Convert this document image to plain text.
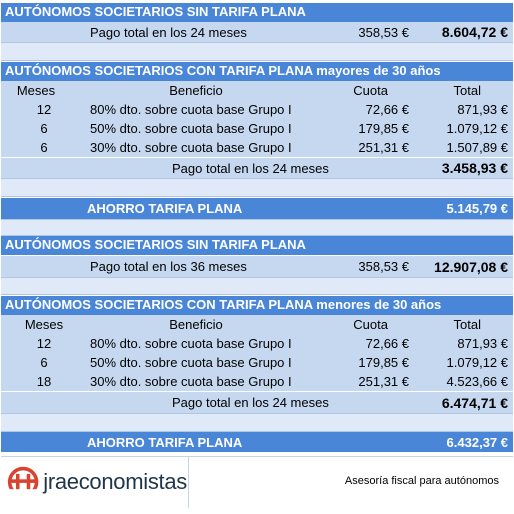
AUTÓNOMOS SOCIETARIOS SIN TARIFA PLANA
Pago total en los 24 meses	358,53 €	8.604,72 €
AUTÓNOMOS SOCIETARIOS CON TARIFA PLANA mayores de 30 años
Meses	Beneficio	Cuota	Total
12	80% dto. sobre cuota base Grupo I	72,66 €	871,93 €
6	50% dto. sobre cuota base Grupo I	179,85 €	1.079,12 €
6	30% dto. sobre cuota base Grupo I	251,31 €	1.507,89 €
Pago total en los 24 meses	3.458,93 €
AHORRO TARIFA PLANA	5.145,79 €
AUTÓNOMOS SOCIETARIOS SIN TARIFA PLANA
Pago total en los 36 meses	358,53 €	12.907,08 €
AUTÓNOMOS SOCIETARIOS CON TARIFA PLANA menores de 30 años
Meses	Beneficio	Cuota	Total
12	80% dto. sobre cuota base Grupo I	72,66 €	871,93 €
6	50% dto. sobre cuota base Grupo I	179,85 €	1.079,12 €
18	30% dto. sobre cuota base Grupo I	251,31 €	4.523,66 €
Pago total en los 24 meses	6.474,71 €
AHORRO TARIFA PLANA	6.432,37 €
jraeconomistas	Asesoría fiscal para autónomos
